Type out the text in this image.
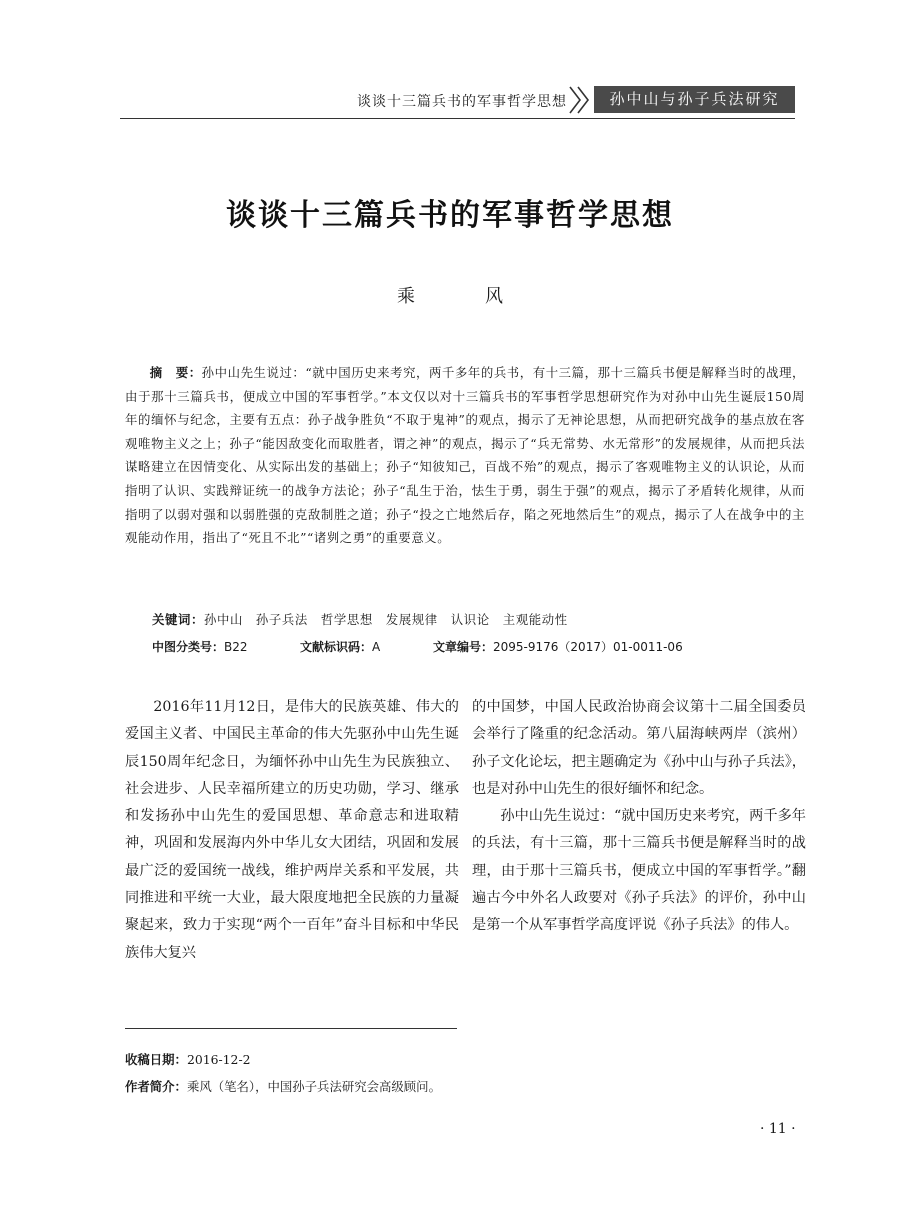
谈谈十三篇兵书的军事哲学思想	孙中山与孙子兵法研究
谈谈十三篇兵书的军事哲学思想
乘　风

摘　要：孙中山先生说过：“就中国历史来考究，两千多年的兵书，有十三篇，那十三篇兵书便是解释当时的战理，由于那十三篇兵书，便成立中国的军事哲学。”本文仅以对十三篇兵书的军事哲学思想研究作为对孙中山先生诞辰150周年的缅怀与纪念，主要有五点：孙子战争胜负“不取于鬼神”的观点，揭示了无神论思想，从而把研究战争的基点放在客观唯物主义之上；孙子“能因敌变化而取胜者，谓之神”的观点，揭示了“兵无常势、水无常形”的发展规律，从而把兵法谋略建立在因情变化、从实际出发的基础上；孙子“知彼知己，百战不殆”的观点，揭示了客观唯物主义的认识论，从而指明了认识、实践辩证统一的战争方法论；孙子“乱生于治，怯生于勇，弱生于强”的观点，揭示了矛盾转化规律，从而指明了以弱对强和以弱胜强的克敌制胜之道；孙子“投之亡地然后存，陷之死地然后生”的观点，揭示了人在战争中的主观能动作用，指出了“死且不北”“诸刿之勇”的重要意义。

关键词：孙中山　孙子兵法　哲学思想　发展规律　认识论　主观能动性
中图分类号：B22	文献标识码：A	文章编号：2095-9176（2017）01-0011-06

2016年11月12日，是伟大的民族英雄、伟大的爱国主义者、中国民主革命的伟大先驱孙中山先生诞辰150周年纪念日，为缅怀孙中山先生为民族独立、社会进步、人民幸福所建立的历史功勋，学习、继承和发扬孙中山先生的爱国思想、革命意志和进取精神，巩固和发展海内外中华儿女大团结，巩固和发展最广泛的爱国统一战线，维护两岸关系和平发展，共同推进和平统一大业，最大限度地把全民族的力量凝聚起来，致力于实现“两个一百年”奋斗目标和中华民族伟大复兴

的中国梦，中国人民政治协商会议第十二届全国委员会举行了隆重的纪念活动。第八届海峡两岸（滨州）孙子文化论坛，把主题确定为《孙中山与孙子兵法》，也是对孙中山先生的很好缅怀和纪念。

孙中山先生说过：“就中国历史来考究，两千多年的兵法，有十三篇，那十三篇兵书便是解释当时的战理，由于那十三篇兵书，便成立中国的军事哲学。”翻遍古今中外名人政要对《孙子兵法》的评价，孙中山是第一个从军事哲学高度评说《孙子兵法》的伟人。

收稿日期：2016-12-2
作者简介：乘风（笔名），中国孙子兵法研究会高级顾问。
· 11 ·
